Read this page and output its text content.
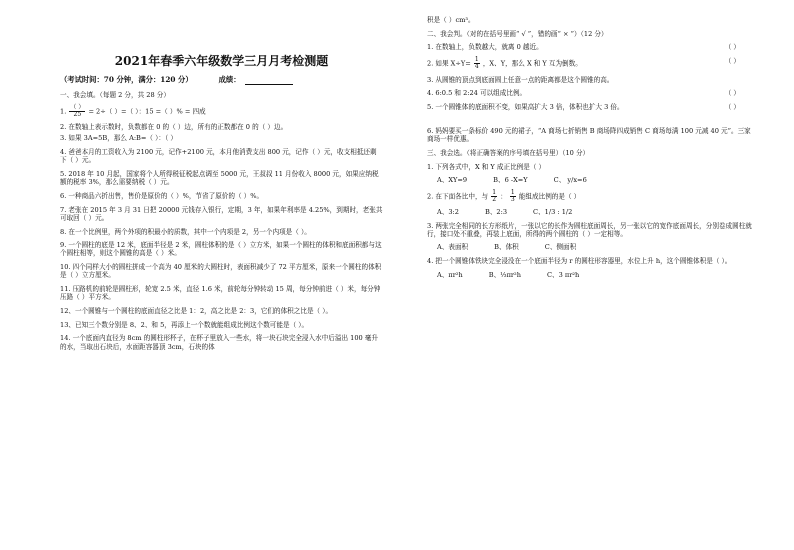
2021年春季六年级数学三月月考检测题
（考试时间：70 分钟，满分：120 分）	成绩：
一、我会填。（每题 2 分，共 28 分）
1. $\frac{( )}{25} = 2\div$（ ）=（ ）：15 =（ ）% = 四成
2. 在数轴上表示数时，负数都在 0 的（ ）边，所有的正数都在 0 的（ ）边。
3. 如果 3A=5B，那么 A:B=（ ）：（ ）
4. 爸爸本月的工资收入为 2100 元，记作+2100 元，本月他消费支出 800 元，记作（ ）元，收支相抵还剩下（ ）元。
5. 2018 年 10 月起，国家将个人所得税征税起点调至 5000 元，王叔叔 11 月份收入 8000 元，如果应纳税额的税率 3%，那么需要纳税（ ）元。
6. 一种商品六折出售，售价是原价的（ ）%，节省了原价的（ ）%。
7. 老张在 2015 年 3 月 31 日把 20000 元钱存入银行，定期，3 年，如果年利率是 4.25%，到期时，老张共可取回（ ）元。
8. 在一个比例里，两个外项的积最小的质数，其中一个内项是 2，另一个内项是（ ）。
9. 一个圆柱的底是 12 米，底面半径是 2 米，圆柱体积的是（ ）立方米，如果一个圆柱的体积和底面积都与这个圆柱相等，则这个圆锥的高是（ ）米。
10. 四个同样大小的圆柱拼成一个高为 40 厘米的大圆柱时，表面积减少了 72 平方厘米，原来一个圆柱的体积是（ ）立方厘米。
11. 压路机的前轮是圆柱形，轮宽 2.5 米，直径 1.6 米，前轮每分钟转动 15 周，每分钟前进（ ）米，每分钟压路（ ）平方米。
12、一个圆锥与一个圆柱的底面直径之比是 1：2，高之比是 2：3，它们的体积之比是（ ）。
13、已知三个数分别是 8、2、和 5，再添上一个数就能组成比例这个数可能是（ ）。
14. 一个底面内直径为 8cm 的圆柱形杯子，在杯子里放入一些水，将一块石块完全浸入水中后溢出 100 毫升的水，当取出石块后，水面距容器顶 3cm，石块的体
积是（ ）cm³。
二、我会判。（对的在括号里画“ √ ”，错的画“ × ”）（12 分）
1. 在数轴上，负数越大，就离 0 越近。	（ ）
2. 如果 $X\div Y= \frac{1}{4}$ ，X、Y，那么 X 和 Y 互为倒数。	（ ）
3. 从圆锥的顶点到底面圆上任意一点的距离都是这个圆锥的高。
4. 6:0.5 和 2:24 可以组成比例。	（ ）
5. 一个圆锥体的底面积不变，如果高扩大 3 倍，体积也扩大 3 倍。	（ ）
6. 妈妈要买一条标价 490 元的裙子，“A 商场七折销售 B 商场降四成销售 C 商场每满 100 元减 40 元”。三家商场一样优惠。
三、我会选。（将正确答案的序号填在括号里）（10 分）
1. 下列各式中，X 和 Y 成正比例是（ ）
A、XY=9	B、6 -X=Y	C、 y/x=6
2. 在下面各比中，与 $\frac{1}{2}$ ： $\frac{1}{3}$ 能组成比例的是（ ）
A、3:2	B、2:3	C、1/3 : 1/2
3. 两张完全相同的长方形纸片，一张以它的长作为圆柱底面周长，另一张以它的宽作底面周长，分别卷成圆柱就行，接口处不重叠，再装上底面，所得的两个圆柱的（ ）一定相等。
A、表面积	B、体积	C、侧面积
4. 把一个圆锥体铁块完全浸没在一个底面半径为 r 的圆柱形容器里，水位上升 h，这个圆锥体积是（ ）。
A、πr²h	B、⅓πr²h	C、3 πr²h
